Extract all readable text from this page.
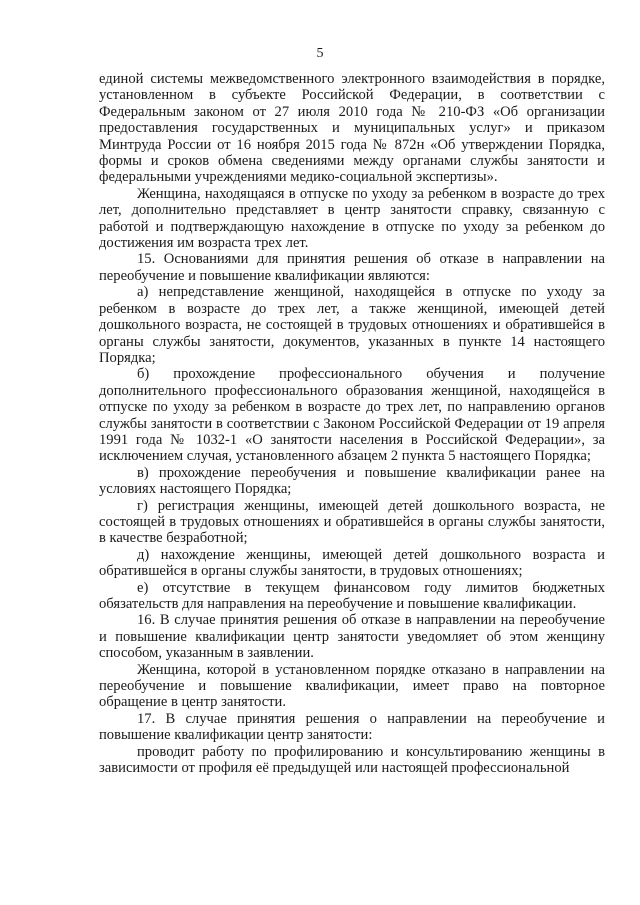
5

единой системы межведомственного электронного взаимодействия в порядке, установленном в субъекте Российской Федерации, в соответствии с Федеральным законом от 27 июля 2010 года № 210-ФЗ «Об организации предоставления государственных и муниципальных услуг» и приказом Минтруда России от 16 ноября 2015 года № 872н «Об утверждении Порядка, формы и сроков обмена сведениями между органами службы занятости и федеральными учреждениями медико-социальной экспертизы».

Женщина, находящаяся в отпуске по уходу за ребенком в возрасте до трех лет, дополнительно представляет в центр занятости справку, связанную с работой и подтверждающую нахождение в отпуске по уходу за ребенком до достижения им возраста трех лет.

15. Основаниями для принятия решения об отказе в направлении на переобучение и повышение квалификации являются:

а) непредставление женщиной, находящейся в отпуске по уходу за ребенком в возрасте до трех лет, а также женщиной, имеющей детей дошкольного возраста, не состоящей в трудовых отношениях и обратившейся в органы службы занятости, документов, указанных в пункте 14 настоящего Порядка;

б) прохождение профессионального обучения и получение дополнительного профессионального образования женщиной, находящейся в отпуске по уходу за ребенком в возрасте до трех лет, по направлению органов службы занятости в соответствии с Законом Российской Федерации от 19 апреля 1991 года № 1032-1 «О занятости населения в Российской Федерации», за исключением случая, установленного абзацем 2 пункта 5 настоящего Порядка;

в) прохождение переобучения и повышение квалификации ранее на условиях настоящего Порядка;

г) регистрация женщины, имеющей детей дошкольного возраста, не состоящей в трудовых отношениях и обратившейся в органы службы занятости, в качестве безработной;

д) нахождение женщины, имеющей детей дошкольного возраста и обратившейся в органы службы занятости, в трудовых отношениях;

е) отсутствие в текущем финансовом году лимитов бюджетных обязательств для направления на переобучение и повышение квалификации.

16. В случае принятия решения об отказе в направлении на переобучение и повышение квалификации центр занятости уведомляет об этом женщину способом, указанным в заявлении.

Женщина, которой в установленном порядке отказано в направлении на переобучение и повышение квалификации, имеет право на повторное обращение в центр занятости.

17. В случае принятия решения о направлении на переобучение и повышение квалификации центр занятости:

проводит работу по профилированию и консультированию женщины в зависимости от профиля её предыдущей или настоящей профессиональной
